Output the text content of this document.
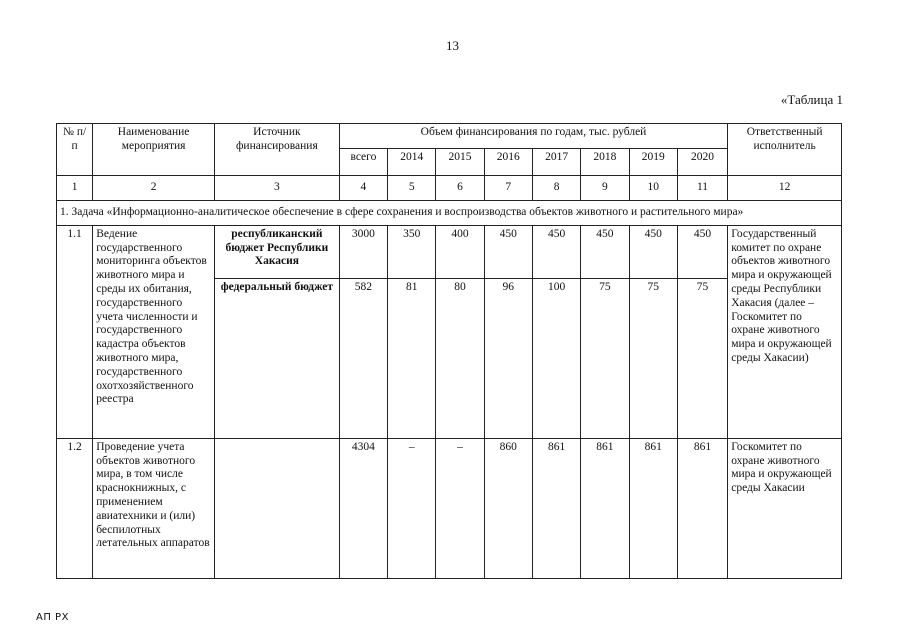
13
«Таблица 1
№ п/п	Наименование мероприятия	Источник финансирования	Объем финансирования по годам, тыс. рублей								Ответственный исполнитель
			всего	2014	2015	2016	2017	2018	2019	2020	
1	2	3	4	5	6	7	8	9	10	11	12
1. Задача «Информационно-аналитическое обеспечение в сфере сохранения и воспроизводства объектов животного и растительного мира»											
1.1	Ведение государственного мониторинга объектов животного мира и среды их обитания, государственного учета численности и государственного кадастра объектов животного мира, государственного охотхозяйственного реестра	республиканский бюджет Республики Хакасия	3000	350	400	450	450	450	450	450	Государственный комитет по охране объектов животного мира и окружающей среды Республики Хакасия (далее – Госкомитет по охране животного мира и окружающей среды Хакасии)
		федеральный бюджет	582	81	80	96	100	75	75	75	
1.2	Проведение учета объектов животного мира, в том числе краснокнижных, с применением авиатехники и (или) беспилотных летательных аппаратов		4304	–	–	860	861	861	861	861	Госкомитет по охране животного мира и окружающей среды Хакасии
АП РХ
